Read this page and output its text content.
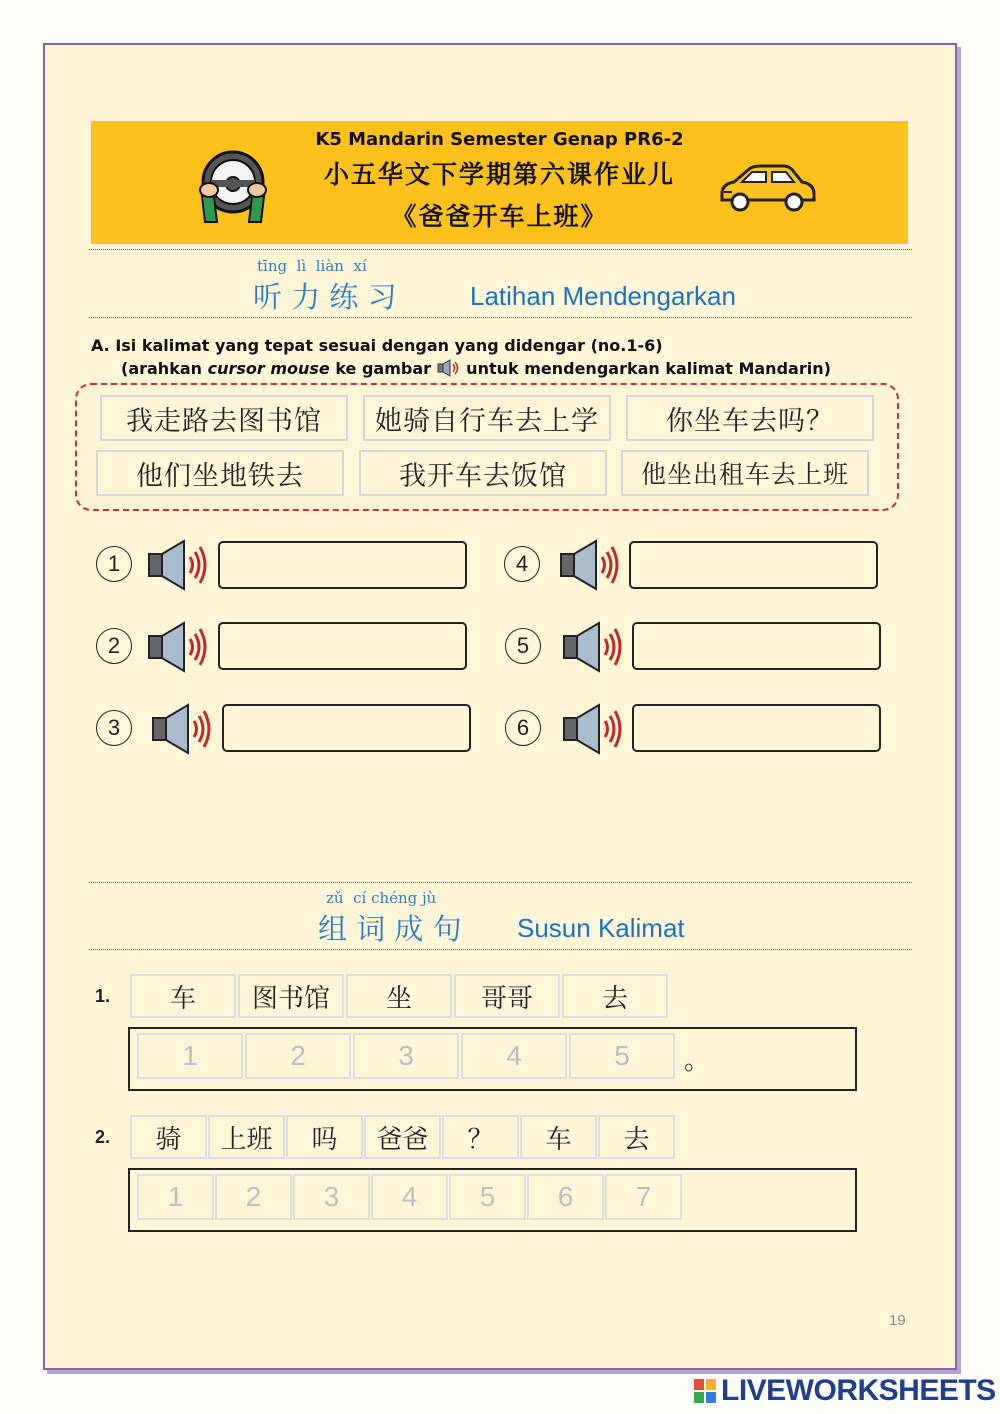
K5 Mandarin Semester Genap PR6-2
小五华文下学期第六课作业儿
《爸爸开车上班》
tīng  lì  liàn  xí
听 力 练 习	Latihan Mendengarkan
A. Isi kalimat yang tepat sesuai dengan yang didengar (no.1-6)
(arahkan cursor mouse ke gambar  untuk mendengarkan kalimat Mandarin)
我走路去图书馆	她骑自行车去上学	你坐车去吗？
他们坐地铁去	我开车去饭馆	他坐出租车去上班
1
2
3
4
5
6
zǔ  cí chéng jù
组 词 成 句 Susun Kalimat
1.	车	图书馆	坐	哥哥	去
1	2	3	4	5	。
2.	骑	上班	吗	爸爸	？	车	去
1	2	3	4	5	6	7
19
LIVEWORKSHEETS
